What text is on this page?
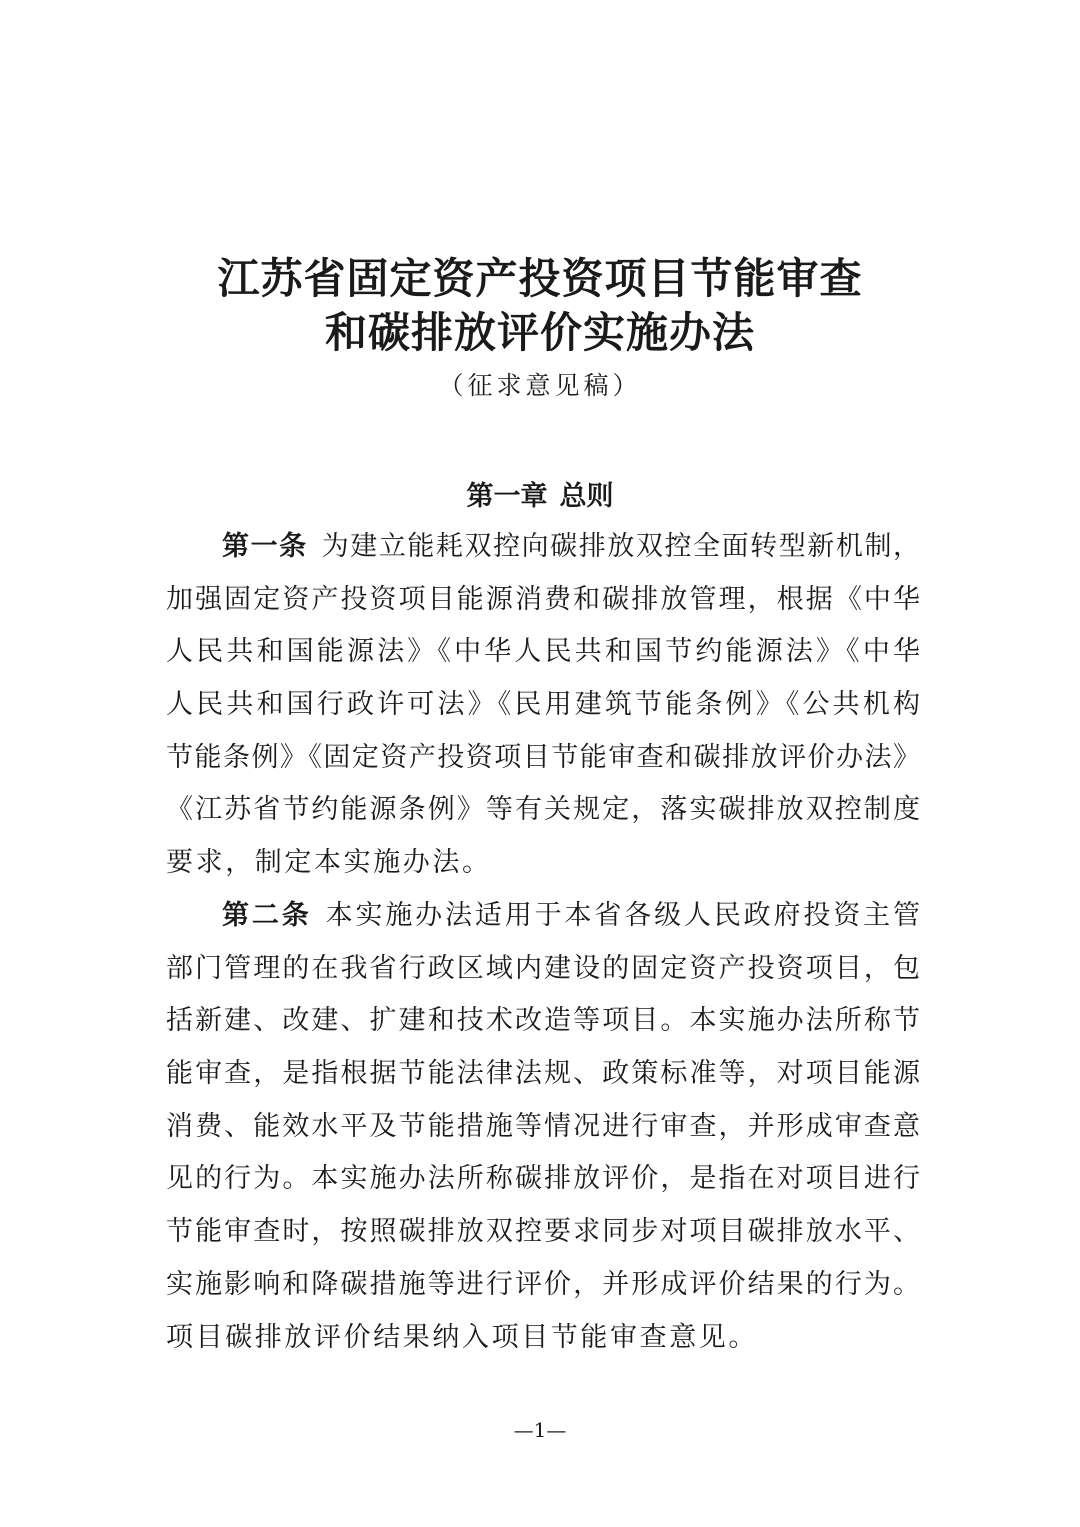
江苏省固定资产投资项目节能审查
和碳排放评价实施办法
（征求意见稿）
第一章 总则
第一条 为建立能耗双控向碳排放双控全面转型新机制，
加强固定资产投资项目能源消费和碳排放管理，根据《中华
人民共和国能源法》《中华人民共和国节约能源法》《中华
人民共和国行政许可法》《民用建筑节能条例》《公共机构
节能条例》《固定资产投资项目节能审查和碳排放评价办法》
《江苏省节约能源条例》等有关规定，落实碳排放双控制度
要求，制定本实施办法。
第二条 本实施办法适用于本省各级人民政府投资主管
部门管理的在我省行政区域内建设的固定资产投资项目，包
括新建、改建、扩建和技术改造等项目。本实施办法所称节
能审查，是指根据节能法律法规、政策标准等，对项目能源
消费、能效水平及节能措施等情况进行审查，并形成审查意
见的行为。本实施办法所称碳排放评价，是指在对项目进行
节能审查时，按照碳排放双控要求同步对项目碳排放水平、
实施影响和降碳措施等进行评价，并形成评价结果的行为。
项目碳排放评价结果纳入项目节能审查意见。
—1—
